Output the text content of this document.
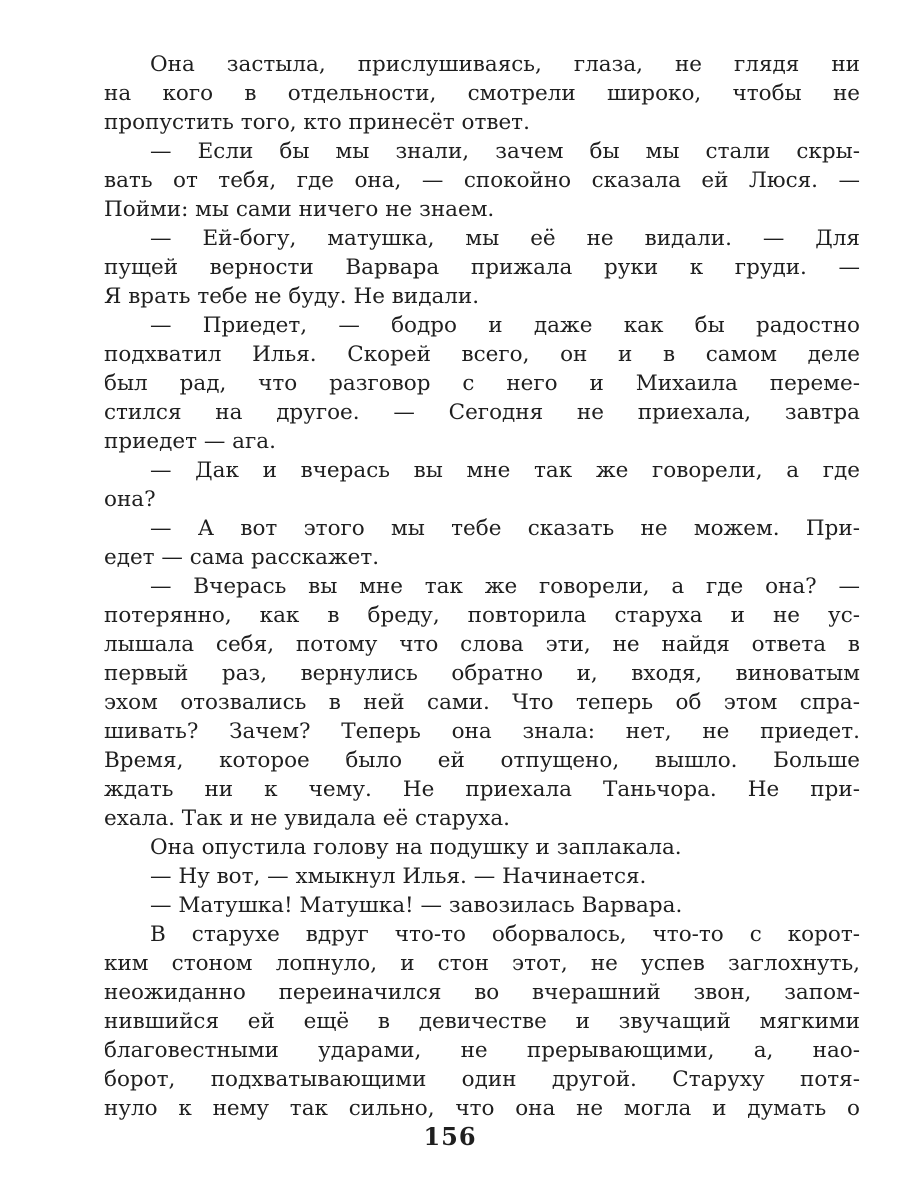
Она застыла, прислушиваясь, глаза, не глядя ни
на кого в отдельности, смотрели широко, чтобы не
пропустить того, кто принесёт ответ.
— Если бы мы знали, зачем бы мы стали скры-
вать от тебя, где она, — спокойно сказала ей Люся. —
Пойми: мы сами ничего не знаем.
— Ей-богу, матушка, мы её не видали. — Для
пущей верности Варвара прижала руки к груди. —
Я врать тебе не буду. Не видали.
— Приедет, — бодро и даже как бы радостно
подхватил Илья. Скорей всего, он и в самом деле
был рад, что разговор с него и Михаила переме-
стился на другое. — Сегодня не приехала, завтра
приедет — ага.
— Дак и вчерась вы мне так же говорели, а где
она?
— А вот этого мы тебе сказать не можем. При-
едет — сама расскажет.
— Вчерась вы мне так же говорели, а где она? —
потерянно, как в бреду, повторила старуха и не ус-
лышала себя, потому что слова эти, не найдя ответа в
первый раз, вернулись обратно и, входя, виноватым
эхом отозвались в ней сами. Что теперь об этом спра-
шивать? Зачем? Теперь она знала: нет, не приедет.
Время, которое было ей отпущено, вышло. Больше
ждать ни к чему. Не приехала Таньчора. Не при-
ехала. Так и не увидала её старуха.
Она опустила голову на подушку и заплакала.
— Ну вот, — хмыкнул Илья. — Начинается.
— Матушка! Матушка! — завозилась Варвара.
В старухе вдруг что-то оборвалось, что-то с корот-
ким стоном лопнуло, и стон этот, не успев заглохнуть,
неожиданно переиначился во вчерашний звон, запом-
нившийся ей ещё в девичестве и звучащий мягкими
благовестными ударами, не прерывающими, а, нао-
борот, подхватывающими один другой. Старуху потя-
нуло к нему так сильно, что она не могла и думать о
156
